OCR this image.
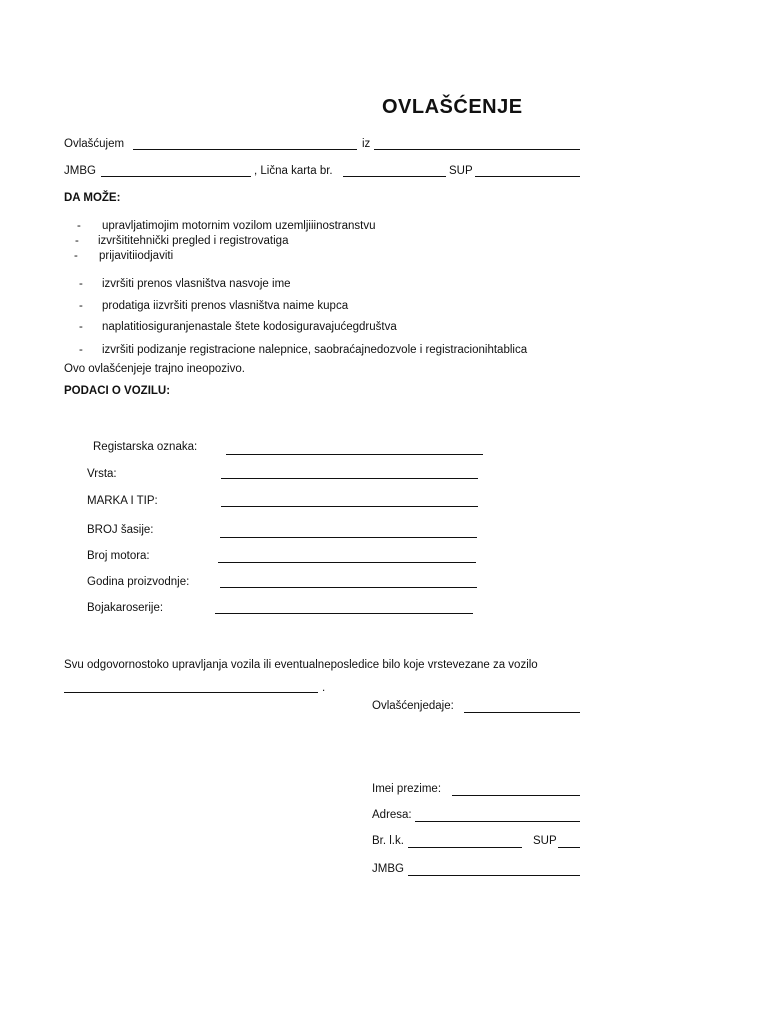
OVLAŠĆENJE
Ovlašćujem	iz
JMBG	, Lična karta br.	SUP
DA MOŽE:
- upravljatimojim motornim vozilom uzemljiiinostranstvu
- izvršititehnički pregled i registrovatiga
- prijavitiiodjaviti
- izvršiti prenos vlasništva nasvoje ime
- prodatiga iizvršiti prenos vlasništva naime kupca
- naplatitiosiguranjenastale štete kodosiguravajućegdruštva
- izvršiti podizanje registracione nalepnice, saobraćajnedozvole i registracionihtablica
Ovo ovlašćenjeje trajno ineopozivo.
PODACI O VOZILU:
Registarska oznaka:
Vrsta:
MARKA I TIP:
BROJ šasije:
Broj motora:
Godina proizvodnje:
Bojakaroserije:
Svu odgovornostoko upravljanja vozila ili eventualneposledice bilo koje vrstevezane za vozilo
.
Ovlašćenjedaje:
Imei prezime:
Adresa:
Br. l.k.	SUP
JMBG
